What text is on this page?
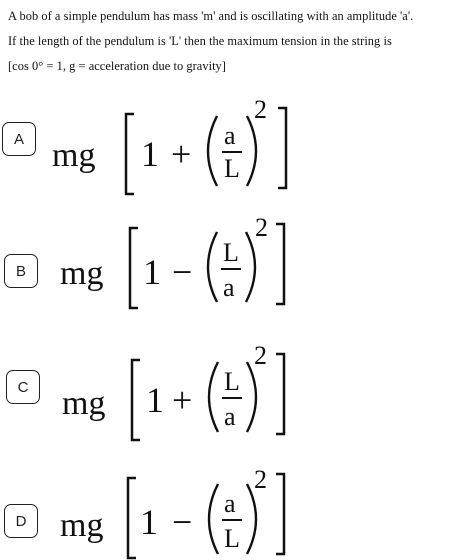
A bob of a simple pendulum has mass 'm' and is oscillating with an amplitude 'a'.
If the length of the pendulum is 'L' then the maximum tension in the string is
[cos 0° = 1, g = acceleration due to gravity]
A mg 1 + a
L
2
B	mg 1 − L
a
2
C mg 1 + L
a
2
D mg 1 − a
L
2
